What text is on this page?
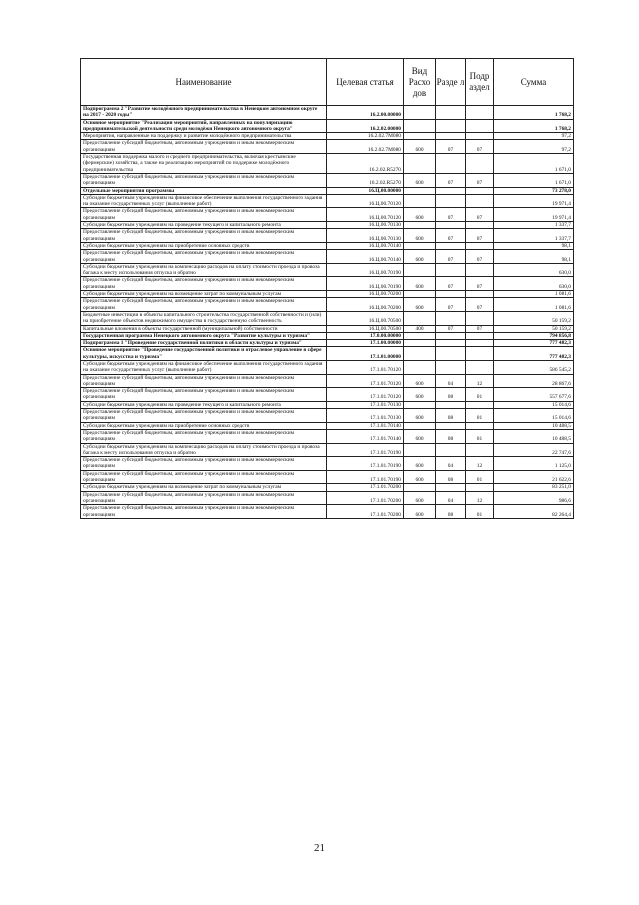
Наименование	Целевая статья	Вид Расхо дов	Разде л	Подр аздел	Сумма
Подпрограмма 2 "Развитие молодёжного предпринимательства в Ненецком автономном округе на 2017 - 2020 годы"	16.2.00.00000				1 768,2
Основное мероприятие "Реализация мероприятий, направленных на популяризацию предпринимательской деятельности среди молодёжи Ненецкого автономного округа"	16.2.02.00000				1 768,2
Мероприятия, направленные на поддержку и развитие молодёжного предпринимательства	16.2.02.7М080				97,2
Предоставление субсидий бюджетным, автономным учреждениям и иным некоммерческим организациям	16.2.02.7М080	600	07	07	97,2
Государственная поддержка малого и среднего предпринимательства, включая крестьянские (фермерские) хозяйства, а также на реализацию мероприятий по поддержке молодёжного предпринимательства	16.2.02.R5270				1 671,0
Предоставление субсидий бюджетным, автономным учреждениям и иным некоммерческим организациям	16.2.02.R5270	600	07	07	1 671,0
Отдельные мероприятия программы	16.Ц.00.00000				73 278,0
Субсидии бюджетным учреждениям на финансовое обеспечение выполнения государственного задания на оказание государственных услуг (выполнение работ)	16.Ц.00.70120				19 971,4
Предоставление субсидий бюджетным, автономным учреждениям и иным некоммерческим организациям	16.Ц.00.70120	600	07	07	19 971,4
Субсидии бюджетным учреждениям на проведение текущего и капитального ремонта	16.Ц.00.70130				1 337,7
Предоставление субсидий бюджетным, автономным учреждениям и иным некоммерческим организациям	16.Ц.00.70130	600	07	07	1 337,7
Субсидии бюджетным учреждениям на приобретение основных средств	16.Ц.00.70140				98,1
Предоставление субсидий бюджетным, автономным учреждениям и иным некоммерческим организациям	16.Ц.00.70140	600	07	07	98,1
Субсидии бюджетным учреждениям на компенсацию расходов на оплату стоимости проезда и провоза багажа к месту использования отпуска и обратно	16.Ц.00.70190				630,0
Предоставление субсидий бюджетным, автономным учреждениям и иным некоммерческим организациям	16.Ц.00.70190	600	07	07	630,0
Субсидии бюджетным учреждениям на возмещение затрат по коммунальным услугам	16.Ц.00.70200				1 081,6
Предоставление субсидий бюджетным, автономным учреждениям и иным некоммерческим организациям	16.Ц.00.70200	600	07	07	1 081,6
Бюджетные инвестиции в объекты капитального строительства государственной собственности и (или) на приобретение объектов недвижимого имущества в государственную собственность	16.Ц.00.70500				50 159,2
Капитальные вложения в объекты государственной (муниципальной) собственности	16.Ц.00.70500	400	07	07	50 159,2
Государственная программа Ненецкого автономного округа "Развитие культуры и туризма"	17.0.00.00000				794 856,8
Подпрограмма 1 "Проведение государственной политики в области культуры и туризма"	17.1.00.00000				777 482,3
Основное мероприятие "Проведение государственной политики и отраслевое управление в сфере культуры, искусства и туризма"	17.1.01.00000				777 482,3
Субсидии бюджетным учреждениям на финансовое обеспечение выполнения государственного задания на оказание государственных услуг (выполнение работ)	17.1.01.70120				586 545,2
Предоставление субсидий бюджетным, автономным учреждениям и иным некоммерческим организациям	17.1.01.70120	600	04	12	28 867,6
Предоставление субсидий бюджетным, автономным учреждениям и иным некоммерческим организациям	17.1.01.70120	600	08	01	557 677,6
Субсидии бюджетным учреждениям на проведение текущего и капитального ремонта	17.1.01.70130				15 014,6
Предоставление субсидий бюджетным, автономным учреждениям и иным некоммерческим организациям	17.1.01.70130	600	08	01	15 014,6
Субсидии бюджетным учреждениям на приобретение основных средств	17.1.01.70140				10 488,5
Предоставление субсидий бюджетным, автономным учреждениям и иным некоммерческим организациям	17.1.01.70140	600	08	01	10 488,5
Субсидии бюджетным учреждениям на компенсацию расходов на оплату стоимости проезда и провоза багажа к месту использования отпуска и обратно	17.1.01.70190				22 747,6
Предоставление субсидий бюджетным, автономным учреждениям и иным некоммерческим организациям	17.1.01.70190	600	04	12	1 125,0
Предоставление субсидий бюджетным, автономным учреждениям и иным некоммерческим организациям	17.1.01.70190	600	08	01	21 622,6
Субсидии бюджетным учреждениям на возмещение затрат по коммунальным услугам	17.1.01.70200				83 251,0
Предоставление субсидий бюджетным, автономным учреждениям и иным некоммерческим организациям	17.1.01.70200	600	04	12	986,6
Предоставление субсидий бюджетным, автономным учреждениям и иным некоммерческим организациям	17.1.01.70200	600	08	01	82 264,4
21
